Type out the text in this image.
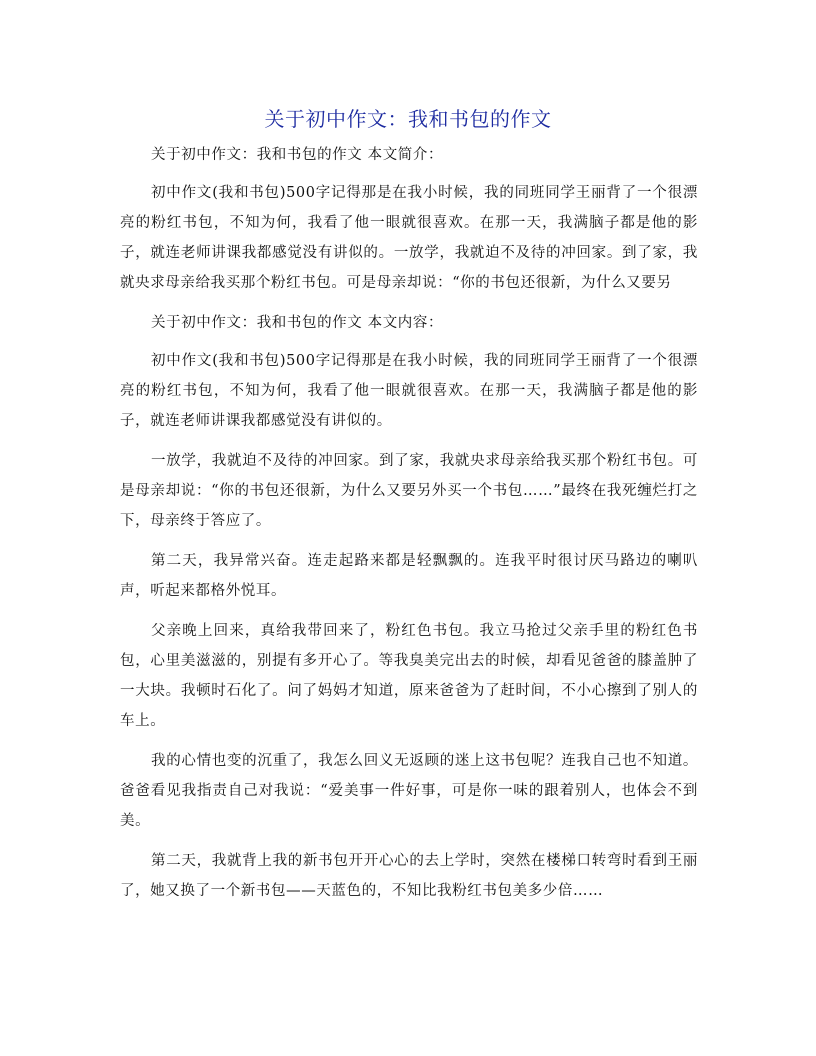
关于初中作文：我和书包的作文

关于初中作文：我和书包的作文 本文简介：

初中作文(我和书包)500字记得那是在我小时候，我的同班同学王丽背了一个很漂亮的粉红书包，不知为何，我看了他一眼就很喜欢。在那一天，我满脑子都是他的影子，就连老师讲课我都感觉没有讲似的。一放学，我就迫不及待的冲回家。到了家，我就央求母亲给我买那个粉红书包。可是母亲却说：“你的书包还很新，为什么又要另

关于初中作文：我和书包的作文 本文内容：

初中作文(我和书包)500字记得那是在我小时候，我的同班同学王丽背了一个很漂亮的粉红书包，不知为何，我看了他一眼就很喜欢。在那一天，我满脑子都是他的影子，就连老师讲课我都感觉没有讲似的。

一放学，我就迫不及待的冲回家。到了家，我就央求母亲给我买那个粉红书包。可是母亲却说：“你的书包还很新，为什么又要另外买一个书包……”最终在我死缠烂打之下，母亲终于答应了。

第二天，我异常兴奋。连走起路来都是轻飘飘的。连我平时很讨厌马路边的喇叭声，听起来都格外悦耳。

父亲晚上回来，真给我带回来了，粉红色书包。我立马抢过父亲手里的粉红色书包，心里美滋滋的，别提有多开心了。等我臭美完出去的时候，却看见爸爸的膝盖肿了一大块。我顿时石化了。问了妈妈才知道，原来爸爸为了赶时间，不小心擦到了别人的车上。

我的心情也变的沉重了，我怎么回义无返顾的迷上这书包呢？连我自己也不知道。爸爸看见我指责自己对我说：“爱美事一件好事，可是你一味的跟着别人，也体会不到美。

第二天，我就背上我的新书包开开心心的去上学时，突然在楼梯口转弯时看到王丽了，她又换了一个新书包——天蓝色的，不知比我粉红书包美多少倍……
